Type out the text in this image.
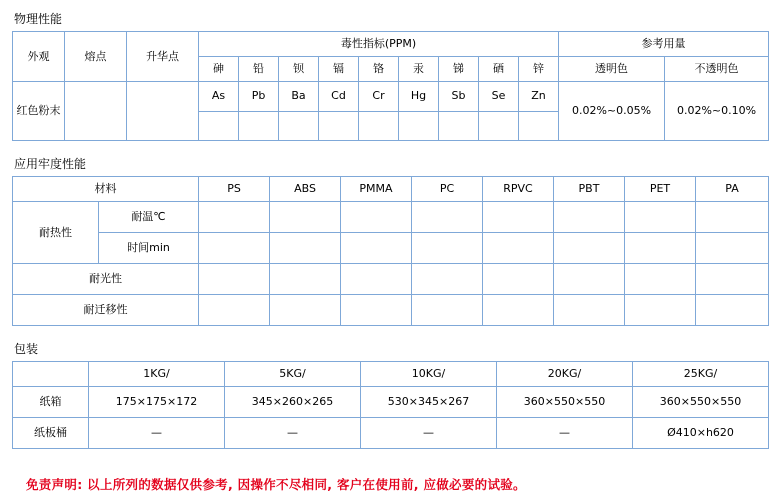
物理性能
外观	熔点	升华点	毒性指标(PPM)									参考用量	
			砷	铅	钡	镉	铬	汞	锑	硒	锌	透明色	不透明色
红色粉末			As	Pb	Ba	Cd	Cr	Hg	Sb	Se	Zn	0.02%~0.05%	0.02%~0.10%

应用牢度性能
材料		PS	ABS	PMMA	PC	RPVC	PBT	PET	PA
耐热性	耐温℃								
	时间min								
耐光性									
耐迁移性									
包装
	1KG/	5KG/	10KG/	20KG/	25KG/
纸箱	175×175×172	345×260×265	530×345×267	360×550×550	360×550×550
纸板桶	—	—	—	—	Ø410×h620
免责声明: 以上所列的数据仅供参考, 因操作不尽相同, 客户在使用前, 应做必要的试验。
